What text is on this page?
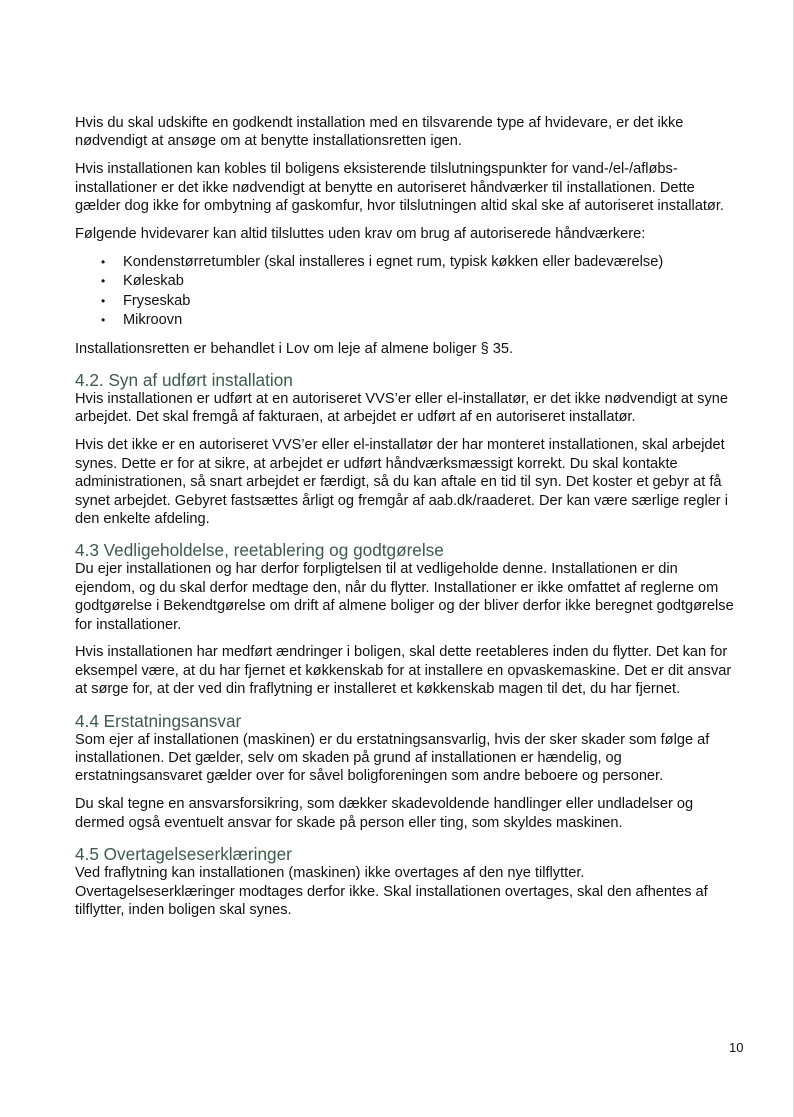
Hvis du skal udskifte en godkendt installation med en tilsvarende type af hvidevare, er det ikke nødvendigt at ansøge om at benytte installationsretten igen.

Hvis installationen kan kobles til boligens eksisterende tilslutningspunkter for vand-/el-/afløbs-installationer er det ikke nødvendigt at benytte en autoriseret håndværker til installationen. Dette gælder dog ikke for ombytning af gaskomfur, hvor tilslutningen altid skal ske af autoriseret installatør.

Følgende hvidevarer kan altid tilsluttes uden krav om brug af autoriserede håndværkere:

• Kondenstørretumbler (skal installeres i egnet rum, typisk køkken eller badeværelse)
• Køleskab
• Fryseskab
• Mikroovn

Installationsretten er behandlet i Lov om leje af almene boliger § 35.

4.2. Syn af udført installation

Hvis installationen er udført at en autoriseret VVS’er eller el-installatør, er det ikke nødvendigt at syne arbejdet. Det skal fremgå af fakturaen, at arbejdet er udført af en autoriseret installatør.

Hvis det ikke er en autoriseret VVS’er eller el-installatør der har monteret installationen, skal arbejdet synes. Dette er for at sikre, at arbejdet er udført håndværksmæssigt korrekt. Du skal kontakte administrationen, så snart arbejdet er færdigt, så du kan aftale en tid til syn. Det koster et gebyr at få synet arbejdet. Gebyret fastsættes årligt og fremgår af aab.dk/raaderet. Der kan være særlige regler i den enkelte afdeling.

4.3 Vedligeholdelse, reetablering og godtgørelse

Du ejer installationen og har derfor forpligtelsen til at vedligeholde denne. Installationen er din ejendom, og du skal derfor medtage den, når du flytter. Installationer er ikke omfattet af reglerne om godtgørelse i Bekendtgørelse om drift af almene boliger og der bliver derfor ikke beregnet godtgørelse for installationer.

Hvis installationen har medført ændringer i boligen, skal dette reetableres inden du flytter. Det kan for eksempel være, at du har fjernet et køkkenskab for at installere en opvaskemaskine. Det er dit ansvar at sørge for, at der ved din fraflytning er installeret et køkkenskab magen til det, du har fjernet.

4.4 Erstatningsansvar

Som ejer af installationen (maskinen) er du erstatningsansvarlig, hvis der sker skader som følge af installationen. Det gælder, selv om skaden på grund af installationen er hændelig, og erstatningsansvaret gælder over for såvel boligforeningen som andre beboere og personer.

Du skal tegne en ansvarsforsikring, som dækker skadevoldende handlinger eller undladelser og dermed også eventuelt ansvar for skade på person eller ting, som skyldes maskinen.

4.5 Overtagelseserklæringer

Ved fraflytning kan installationen (maskinen) ikke overtages af den nye tilflytter. Overtagelseserklæringer modtages derfor ikke. Skal installationen overtages, skal den afhentes af tilflytter, inden boligen skal synes.

10
